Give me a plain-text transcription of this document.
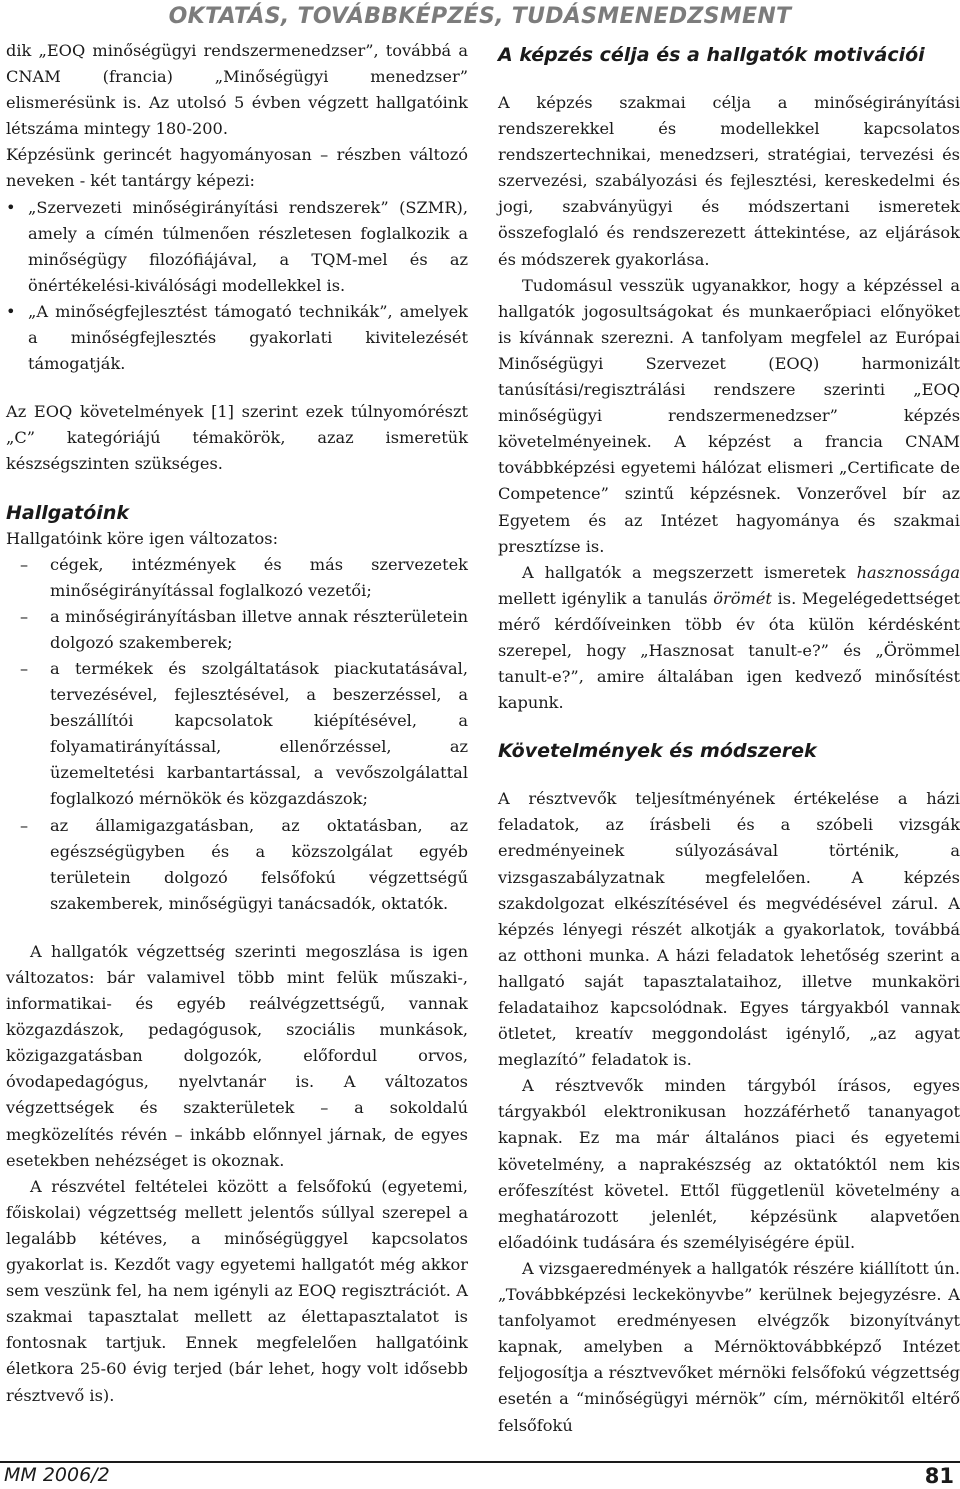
OKTATÁS, TOVÁBBKÉPZÉS, TUDÁSMENEDZSMENT

dik „EOQ minőségügyi rendszermenedzser”, továbbá a CNAM (francia) „Minőségügyi menedzser” elismerésünk is. Az utolsó 5 évben végzett hallgatóink létszáma mintegy 180-200.

Képzésünk gerincét hagyományosan – részben változó neveken - két tantárgy képezi:

• „Szervezeti minőségirányítási rendszerek” (SZMR), amely a címén túlmenően részletesen foglalkozik a minőségügy filozófiájával, a TQM-mel és az önértékelési-kiválósági modellekkel is.
• „A minőségfejlesztést támogató technikák”, amelyek a minőségfejlesztés gyakorlati kivitelezését támogatják.

Az EOQ követelmények [1] szerint ezek túlnyomórészt „C” kategóriájú témakörök, azaz ismeretük készségszinten szükséges.

Hallgatóink

Hallgatóink köre igen változatos:

– cégek, intézmények és más szervezetek minőségirányítással foglalkozó vezetői;
– a minőségirányításban illetve annak részterületein dolgozó szakemberek;
– a termékek és szolgáltatások piackutatásával, tervezésével, fejlesztésével, a beszerzéssel, a beszállítói kapcsolatok kiépítésével, a folyamatirányítással, ellenőrzéssel, az üzemeltetési karbantartással, a vevőszolgálattal foglalkozó mérnökök és közgazdászok;
– az államigazgatásban, az oktatásban, az egészségügyben és a közszolgálat egyéb területein dolgozó felsőfokú végzettségű szakemberek, minőségügyi tanácsadók, oktatók.

A hallgatók végzettség szerinti megoszlása is igen változatos: bár valamivel több mint felük műszaki-, informatikai- és egyéb reálvégzettségű, vannak közgazdászok, pedagógusok, szociális munkások, közigazgatásban dolgozók, előfordul orvos, óvodapedagógus, nyelvtanár is. A változatos végzettségek és szakterületek – a sokoldalú megközelítés révén – inkább előnnyel járnak, de egyes esetekben nehézséget is okoznak.

A részvétel feltételei között a felsőfokú (egyetemi, főiskolai) végzettség mellett jelentős súllyal szerepel a legalább kétéves, a minőségüggyel kapcsolatos gyakorlat is. Kezdőt vagy egyetemi hallgatót még akkor sem veszünk fel, ha nem igényli az EOQ regisztrációt. A szakmai tapasztalat mellett az élettapasztalatot is fontosnak tartjuk. Ennek megfelelően hallgatóink életkora 25-60 évig terjed (bár lehet, hogy volt idősebb résztvevő is).

A képzés célja és a hallgatók motivációi

A képzés szakmai célja a minőségirányítási rendszerekkel és modellekkel kapcsolatos rendszertechnikai, menedzseri, stratégiai, tervezési és szervezési, szabályozási és fejlesztési, kereskedelmi és jogi, szabványügyi és módszertani ismeretek összefoglaló és rendszerezett áttekintése, az eljárások és módszerek gyakorlása.

Tudomásul vesszük ugyanakkor, hogy a képzéssel a hallgatók jogosultságokat és munkaerőpiaci előnyöket is kívánnak szerezni. A tanfolyam megfelel az Európai Minőségügyi Szervezet (EOQ) harmonizált tanúsítási/regisztrálási rendszere szerinti „EOQ minőségügyi rendszermenedzser” képzés követelményeinek. A képzést a francia CNAM továbbképzési egyetemi hálózat elismeri „Certificate de Competence” szintű képzésnek. Vonzerővel bír az Egyetem és az Intézet hagyománya és szakmai presztízse is.

A hallgatók a megszerzett ismeretek hasznossága mellett igénylik a tanulás örömét is. Megelégedettséget mérő kérdőíveinken több év óta külön kérdésként szerepel, hogy „Hasznosat tanult-e?” és „Örömmel tanult-e?”, amire általában igen kedvező minősítést kapunk.

Követelmények és módszerek

A résztvevők teljesítményének értékelése a házi feladatok, az írásbeli és a szóbeli vizsgák eredményeinek súlyozásával történik, a vizsgaszabályzatnak megfelelően. A képzés szakdolgozat elkészítésével és megvédésével zárul. A képzés lényegi részét alkotják a gyakorlatok, továbbá az otthoni munka. A házi feladatok lehetőség szerint a hallgató saját tapasztalataihoz, illetve munkaköri feladataihoz kapcsolódnak. Egyes tárgyakból vannak ötletet, kreatív meggondolást igénylő, „az agyat meglazító” feladatok is.

A résztvevők minden tárgyból írásos, egyes tárgyakból elektronikusan hozzáférhető tananyagot kapnak. Ez ma már általános piaci és egyetemi követelmény, a naprakészség az oktatóktól nem kis erőfeszítést követel. Ettől függetlenül követelmény a meghatározott jelenlét, képzésünk alapvetően előadóink tudására és személyiségére épül.

A vizsgaeredmények a hallgatók részére kiállított ún. „Továbbképzési leckekönyvbe” kerülnek bejegyzésre. A tanfolyamot eredményesen elvégzők bizonyítványt kapnak, amelyben a Mérnöktovábbképző Intézet feljogosítja a résztvevőket mérnöki felsőfokú végzettség esetén a “minőségügyi mérnök” cím, mérnökitől eltérő felsőfokú

MM 2006/2	81
